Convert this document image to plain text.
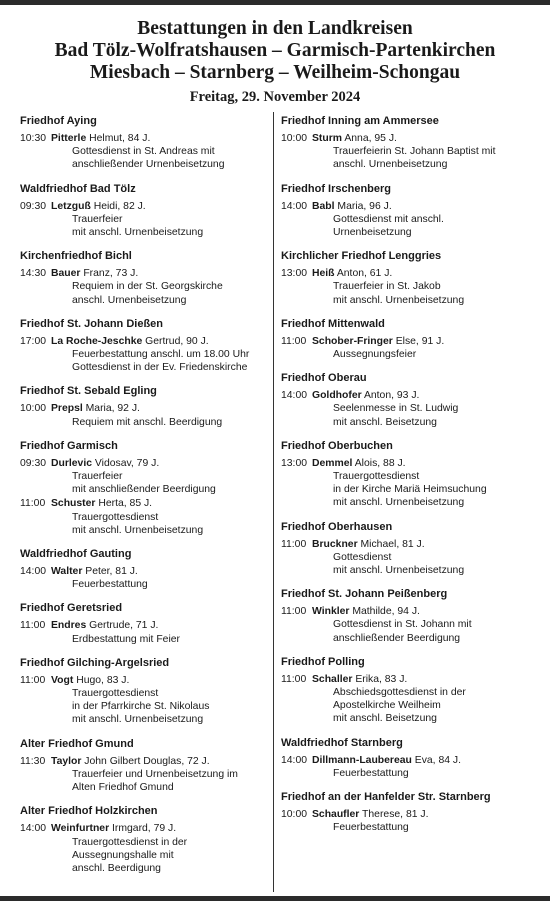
Bestattungen in den Landkreisen
Bad Tölz-Wolfratshausen – Garmisch-Partenkirchen
Miesbach – Starnberg – Weilheim-Schongau
Freitag, 29. November 2024
Friedhof Aying
10:30 Pitterle Helmut, 84 J.
Gottesdienst in St. Andreas mit
anschließender Urnenbeisetzung
Waldfriedhof Bad Tölz
09:30 Letzguß Heidi, 82 J.
Trauerfeier
mit anschl. Urnenbeisetzung
Kirchenfriedhof Bichl
14:30 Bauer Franz, 73 J.
Requiem in der St. Georgskirche
anschl. Urnenbeisetzung
Friedhof St. Johann Dießen
17:00 La Roche-Jeschke Gertrud, 90 J.
Feuerbestattung anschl. um 18.00 Uhr
Gottesdienst in der Ev. Friedenskirche
Friedhof St. Sebald Egling
10:00 Prepsl Maria, 92 J.
Requiem mit anschl. Beerdigung
Friedhof Garmisch
09:30 Durlevic Vidosav, 79 J.
Trauerfeier
mit anschließender Beerdigung
11:00 Schuster Herta, 85 J.
Trauergottesdienst
mit anschl. Urnenbeisetzung
Waldfriedhof Gauting
14:00 Walter Peter, 81 J.
Feuerbestattung
Friedhof Geretsried
11:00 Endres Gertrude, 71 J.
Erdbestattung mit Feier
Friedhof Gilching-Argelsried
11:00 Vogt Hugo, 83 J.
Trauergottesdienst
in der Pfarrkirche St. Nikolaus
mit anschl. Urnenbeisetzung
Alter Friedhof Gmund
11:30 Taylor John Gilbert Douglas, 72 J.
Trauerfeier und Urnenbeisetzung im
Alten Friedhof Gmund
Alter Friedhof Holzkirchen
14:00 Weinfurtner Irmgard, 79 J.
Trauergottesdienst in der
Aussegnungshalle mit
anschl. Beerdigung
Friedhof Inning am Ammersee
10:00 Sturm Anna, 95 J.
Trauerfeierin St. Johann Baptist mit
anschl. Urnenbeisetzung
Friedhof Irschenberg
14:00 Babl Maria, 96 J.
Gottesdienst mit anschl.
Urnenbeisetzung
Kirchlicher Friedhof Lenggries
13:00 Heiß Anton, 61 J.
Trauerfeier in St. Jakob
mit anschl. Urnenbeisetzung
Friedhof Mittenwald
11:00 Schober-Fringer Else, 91 J.
Aussegnungsfeier
Friedhof Oberau
14:00 Goldhofer Anton, 93 J.
Seelenmesse in St. Ludwig
mit anschl. Beisetzung
Friedhof Oberbuchen
13:00 Demmel Alois, 88 J.
Trauergottesdienst
in der Kirche Mariä Heimsuchung
mit anschl. Urnenbeisetzung
Friedhof Oberhausen
11:00 Bruckner Michael, 81 J.
Gottesdienst
mit anschl. Urnenbeisetzung
Friedhof St. Johann Peißenberg
11:00 Winkler Mathilde, 94 J.
Gottesdienst in St. Johann mit
anschließender Beerdigung
Friedhof Polling
11:00 Schaller Erika, 83 J.
Abschiedsgottesdienst in der
Apostelkirche Weilheim
mit anschl. Beisetzung
Waldfriedhof Starnberg
14:00 Dillmann-Laubereau Eva, 84 J.
Feuerbestattung
Friedhof an der Hanfelder Str. Starnberg
10:00 Schaufler Therese, 81 J.
Feuerbestattung
